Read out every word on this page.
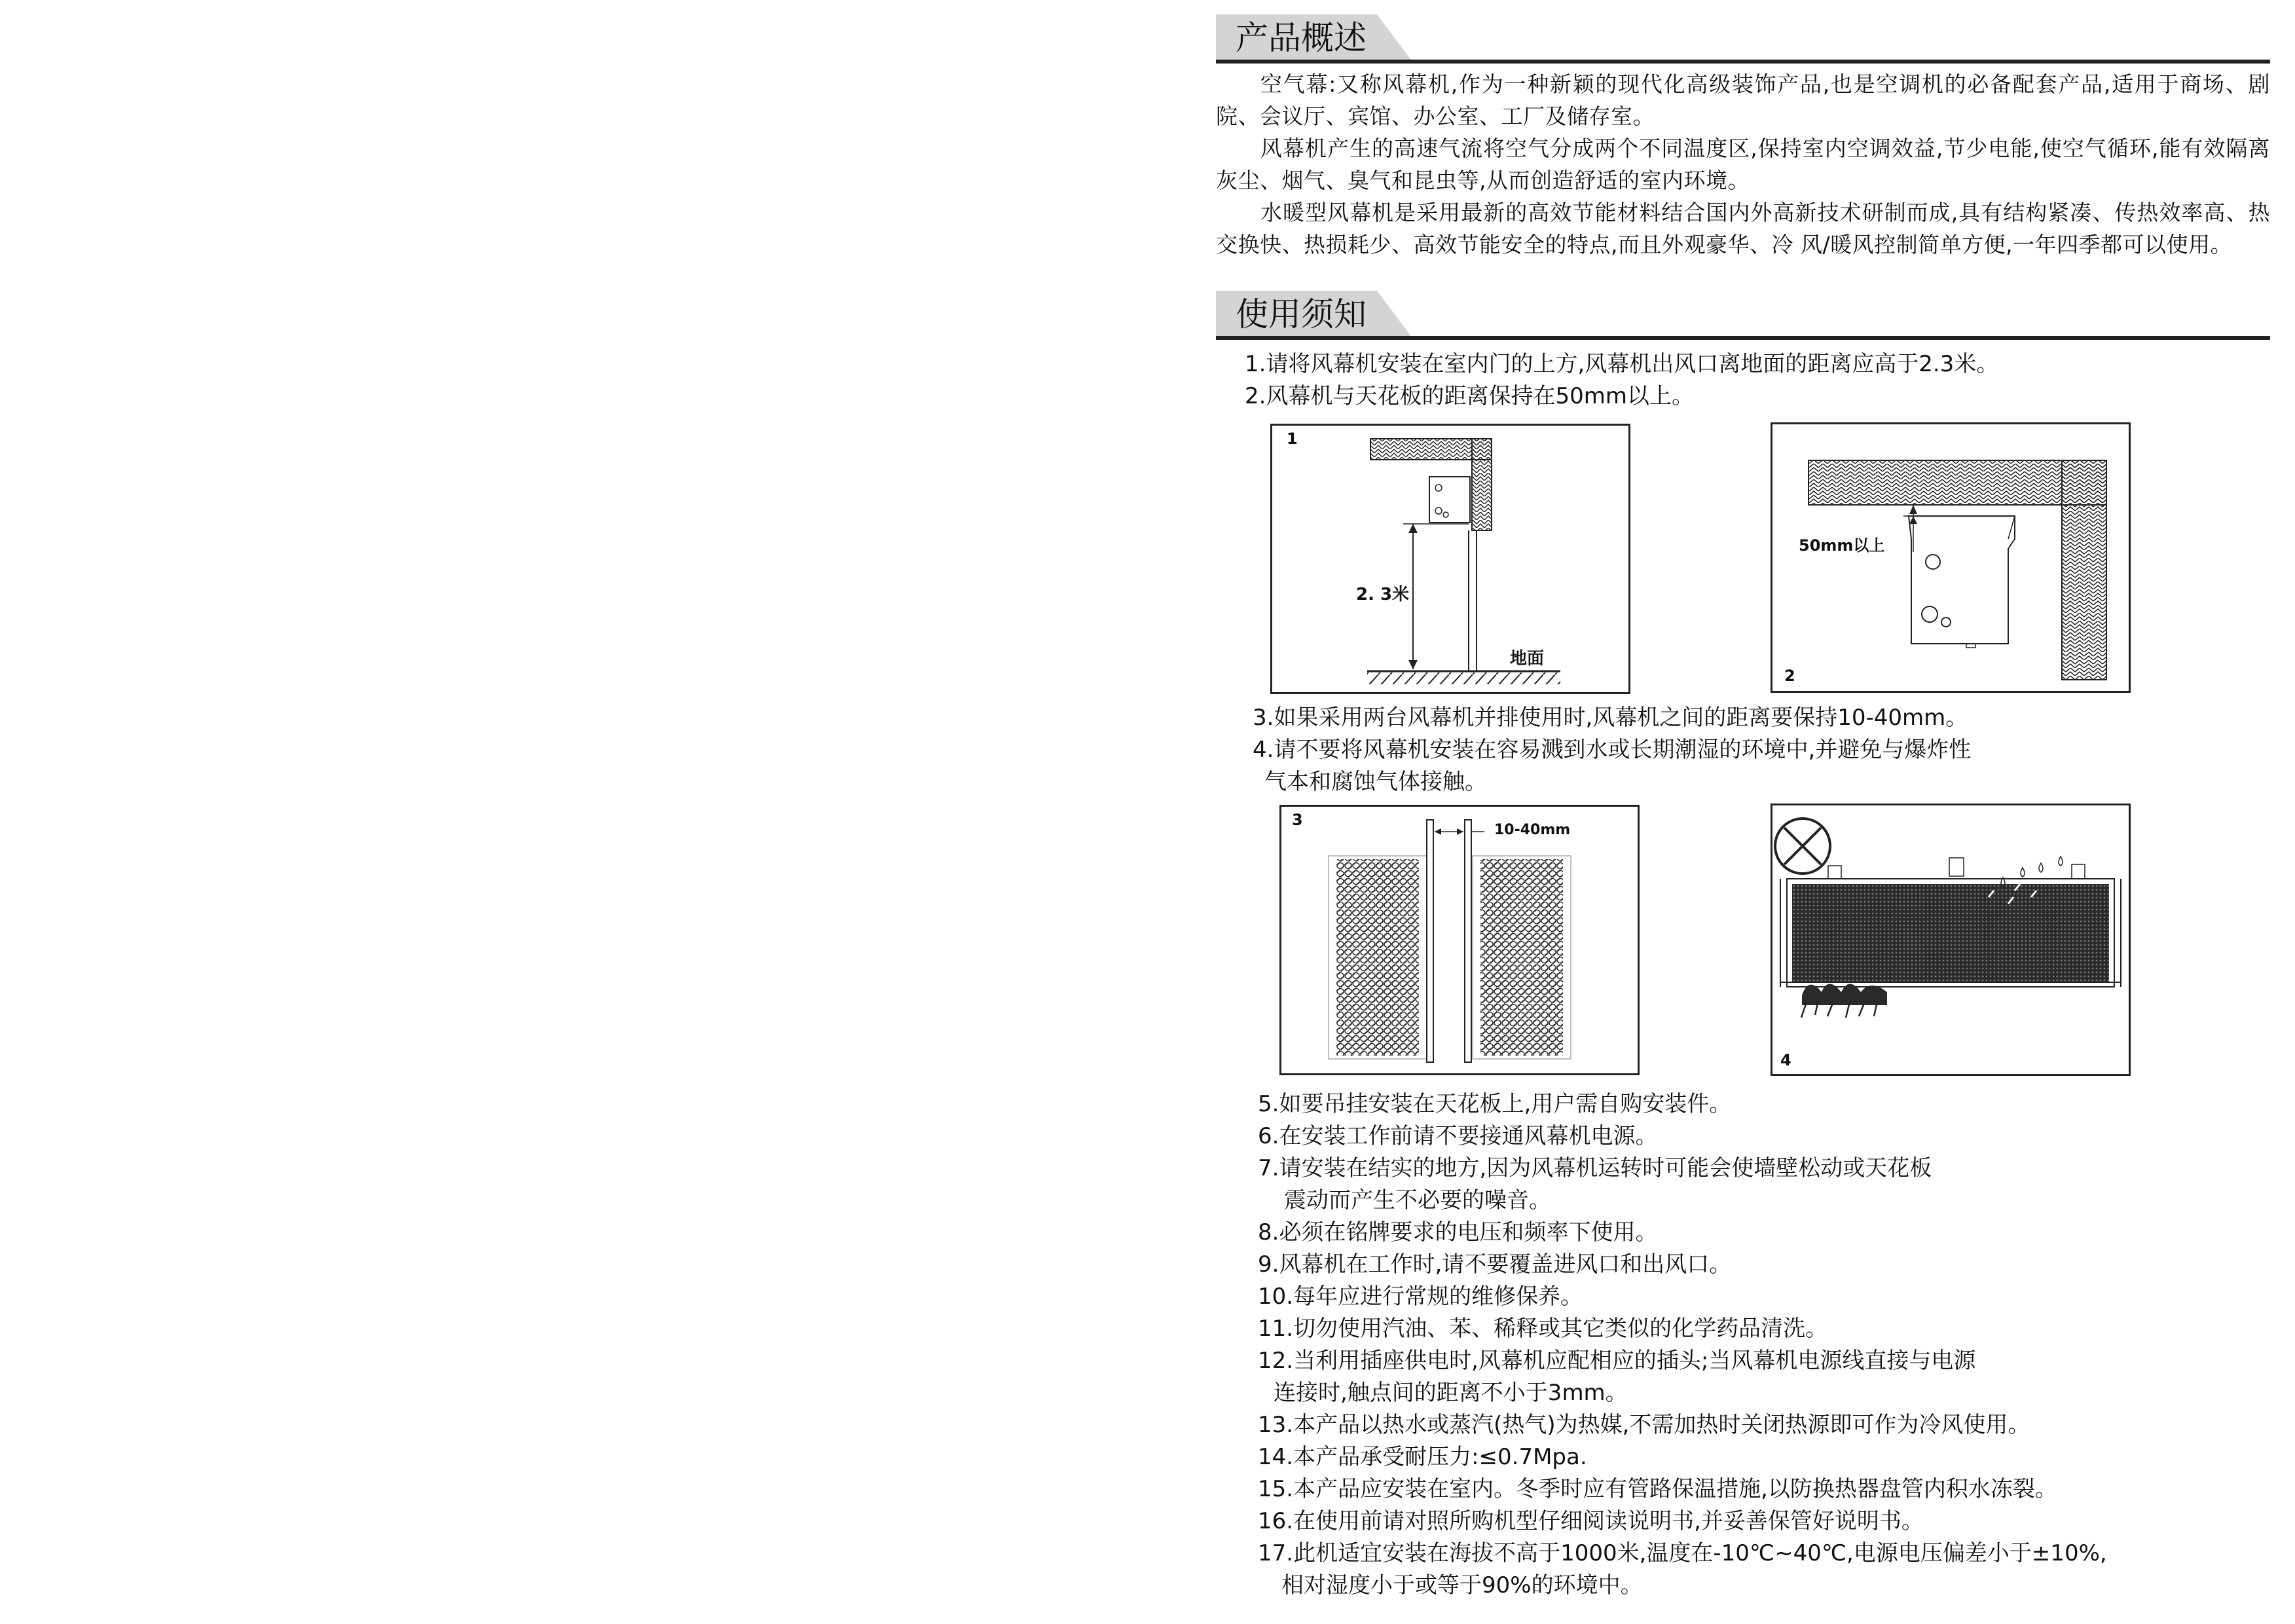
产品概述

空气幕:又称风幕机,作为一种新颖的现代化高级装饰产品,也是空调机的必备配套产品,适用于商场、剧院、会议厅、宾馆、办公室、工厂及储存室。

风幕机产生的高速气流将空气分成两个不同温度区,保持室内空调效益,节少电能,使空气循环,能有效隔离灰尘、烟气、臭气和昆虫等,从而创造舒适的室内环境。

水暖型风幕机是采用最新的高效节能材料结合国内外高新技术研制而成,具有结构紧凑、传热效率高、热交换快、热损耗少、高效节能安全的特点,而且外观豪华、冷 风/暖风控制简单方便,一年四季都可以使用。

使用须知
1.请将风幕机安装在室内门的上方,风幕机出风口离地面的距离应高于2.3米。
2.风幕机与天花板的距离保持在50mm以上。
1
2. 3米
地面
50mm以上
2
3.如果采用两台风幕机并排使用时,风幕机之间的距离要保持10-40mm。
4.请不要将风幕机安装在容易溅到水或长期潮湿的环境中,并避免与爆炸性
气本和腐蚀气体接触。
3
10-40mm
4
5.如要吊挂安装在天花板上,用户需自购安装件。
6.在安装工作前请不要接通风幕机电源。
7.请安装在结实的地方,因为风幕机运转时可能会使墙壁松动或天花板
震动而产生不必要的噪音。
8.必须在铭牌要求的电压和频率下使用。
9.风幕机在工作时,请不要覆盖进风口和出风口。
10.每年应进行常规的维修保养。
11.切勿使用汽油、苯、稀释或其它类似的化学药品清洗。
12.当利用插座供电时,风幕机应配相应的插头;当风幕机电源线直接与电源
连接时,触点间的距离不小于3mm。
13.本产品以热水或蒸汽(热气)为热媒,不需加热时关闭热源即可作为冷风使用。
14.本产品承受耐压力:≤0.7Mpa.
15.本产品应安装在室内。冬季时应有管路保温措施,以防换热器盘管内积水冻裂。
16.在使用前请对照所购机型仔细阅读说明书,并妥善保管好说明书。
17.此机适宜安装在海拔不高于1000米,温度在-10℃~40℃,电源电压偏差小于±10%,
相对湿度小于或等于90%的环境中。
